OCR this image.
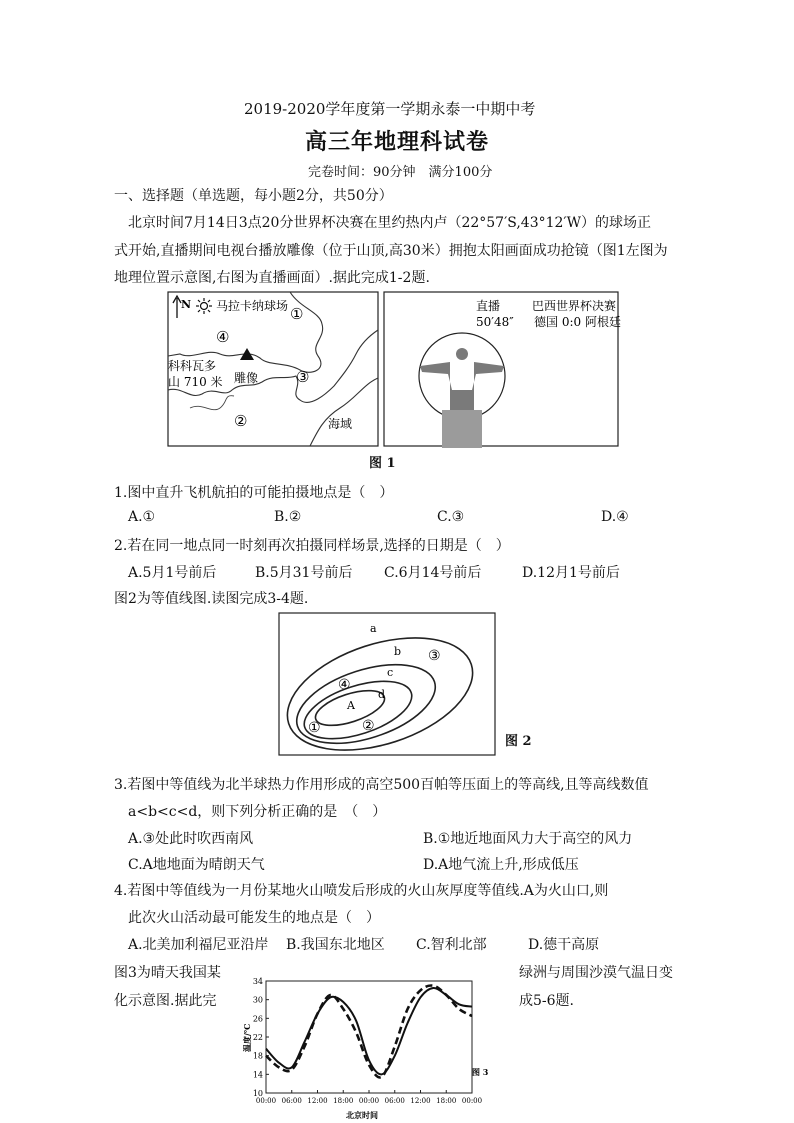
2019-2020学年度第一学期永泰一中期中考
高三年地理科试卷
完卷时间：90分钟　满分100分
一、选择题（单选题，每小题2分，共50分）
北京时间7月14日3点20分世界杯决赛在里约热内卢（22°57′S,43°12′W）的球场正
式开始,直播期间电视台播放雕像（位于山顶,高30米）拥抱太阳画面成功抢镜（图1左图为
地理位置示意图,右图为直播画面）.据此完成1-2题.
N 马拉卡纳球场 ①
④
科科瓦多
山 710 米 雕像	③
②	海域
直播
50′48″
巴西世界杯决赛
德国 0:0 阿根廷
图 1
1.图中直升飞机航拍的可能拍摄地点是（　）
A.①	B.②	C.③	D.④
2.若在同一地点同一时刻再次拍摄同样场景,选择的日期是（　）
A.5月1号前后	B.5月31号前后 C.6月14号前后	D.12月1号前后
图2为等值线图.读图完成3-4题.
a
b
c
d
A
③
④
①	②
图 2
3.若图中等值线为北半球热力作用形成的高空500百帕等压面上的等高线,且等高线数值
a<b<c<d，则下列分析正确的是　（　）
A.③处此时吹西南风	B.①地近地面风力大于高空的风力
C.A地地面为晴朗天气	D.A地气流上升,形成低压
4.若图中等值线为一月份某地火山喷发后形成的火山灰厚度等值线.A为火山口,则
此次火山活动最可能发生的地点是（　）
A.北美加利福尼亚沿岸 B.我国东北地区 C.智利北部	D.德干高原
图3为晴天我国某	绿洲与周围沙漠气温日变
化示意图.据此完	成5-6题.
34
30
26
22
18
14
10
00:00 06:00 12:00 18:00 00:00 06:00 12:00 18:00 00:00
温度/℃
北京时间
图 3
